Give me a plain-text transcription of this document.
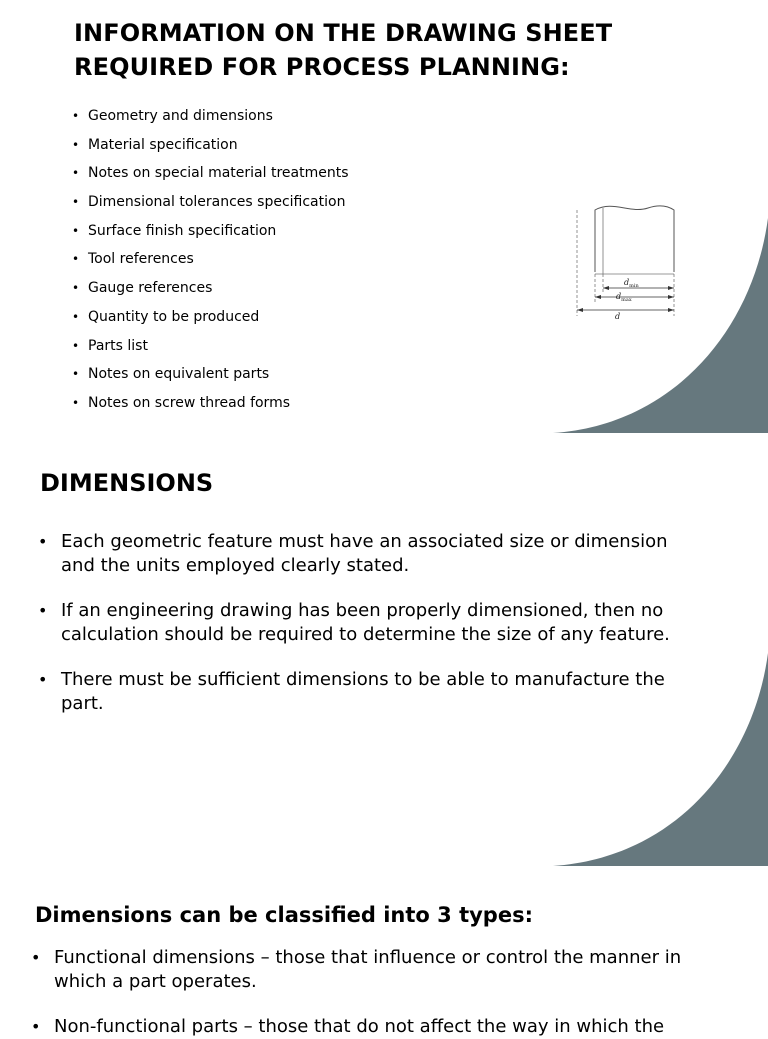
INFORMATION ON THE DRAWING SHEET
REQUIRED FOR PROCESS PLANNING:
• Geometry and dimensions
• Material specification
• Notes on special material treatments
• Dimensional tolerances specification
• Surface finish specification
• Tool references
• Gauge references
• Quantity to be produced
• Parts list
• Notes on equivalent parts
• Notes on screw thread forms
$d_{min}$
$d_{max}$
d
DIMENSIONS
• Each geometric feature must have an associated size or dimension
and the units employed clearly stated.
• If an engineering drawing has been properly dimensioned, then no
calculation should be required to determine the size of any feature.
• There must be sufficient dimensions to be able to manufacture the
part.
Dimensions can be classified into 3 types:
• Functional dimensions – those that influence or control the manner in
which a part operates.
• Non-functional parts – those that do not affect the way in which the
